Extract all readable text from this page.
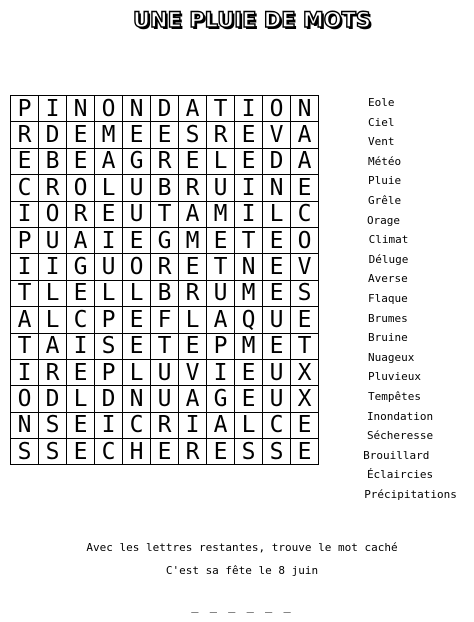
UNE PLUIE DE MOTS
P	I	N	O	N	D	A	T	I	O	N
R	D	E	M	E	E	S	R	E	V	A
E	B	E	A	G	R	E	L	E	D	A
C	R	O	L	U	B	R	U	I	N	E
I	O	R	E	U	T	A	M	I	L	C
P	U	A	I	E	G	M	E	T	E	O
I	I	G	U	O	R	E	T	N	E	V
T	L	E	L	L	B	R	U	M	E	S
A	L	C	P	E	F	L	A	Q	U	E
T	A	I	S	E	T	E	P	M	E	T
I	R	E	P	L	U	V	I	E	U	X
O	D	L	D	N	U	A	G	E	U	X
N	S	E	I	C	R	I	A	L	C	E
S	S	E	C	H	E	R	E	S	S	E
Eole
Ciel
Vent
Météo
Pluie
Grêle
Orage
Climat
Déluge
Averse
Flaque
Brumes
Bruine
Nuageux
Pluvieux
Tempêtes
Inondation
Sécheresse
Brouillard
Éclaircies
Précipitations
Avec les lettres restantes, trouve le mot caché
C'est sa fête le 8 juin
_ _ _ _ _ _
